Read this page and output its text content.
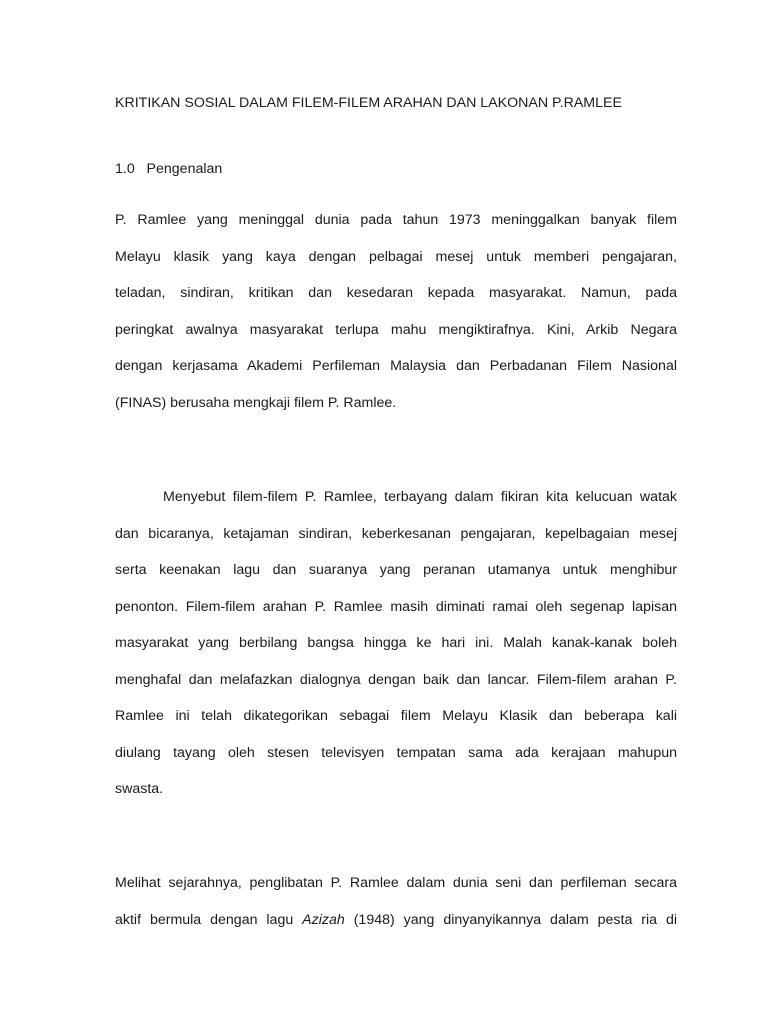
KRITIKAN SOSIAL DALAM FILEM-FILEM ARAHAN DAN LAKONAN P.RAMLEE
1.0   Pengenalan
P. Ramlee yang meninggal dunia pada tahun 1973 meninggalkan banyak filem
Melayu klasik yang kaya dengan pelbagai mesej untuk memberi pengajaran,
teladan, sindiran, kritikan dan kesedaran kepada masyarakat. Namun, pada
peringkat awalnya masyarakat terlupa mahu mengiktirafnya. Kini, Arkib Negara
dengan kerjasama Akademi Perfileman Malaysia dan Perbadanan Filem Nasional
(FINAS) berusaha mengkaji filem P. Ramlee.
Menyebut filem-filem P. Ramlee, terbayang dalam fikiran kita kelucuan watak
dan bicaranya, ketajaman sindiran, keberkesanan pengajaran, kepelbagaian mesej
serta keenakan lagu dan suaranya yang peranan utamanya untuk menghibur
penonton. Filem-filem arahan P. Ramlee masih diminati ramai oleh segenap lapisan
masyarakat yang berbilang bangsa hingga ke hari ini. Malah kanak-kanak boleh
menghafal dan melafazkan dialognya dengan baik dan lancar. Filem-filem arahan P.
Ramlee ini telah dikategorikan sebagai filem Melayu Klasik dan beberapa kali
diulang tayang oleh stesen televisyen tempatan sama ada kerajaan mahupun
swasta.
Melihat sejarahnya, penglibatan P. Ramlee dalam dunia seni dan perfileman secara
aktif bermula dengan lagu Azizah (1948) yang dinyanyikannya dalam pesta ria di
